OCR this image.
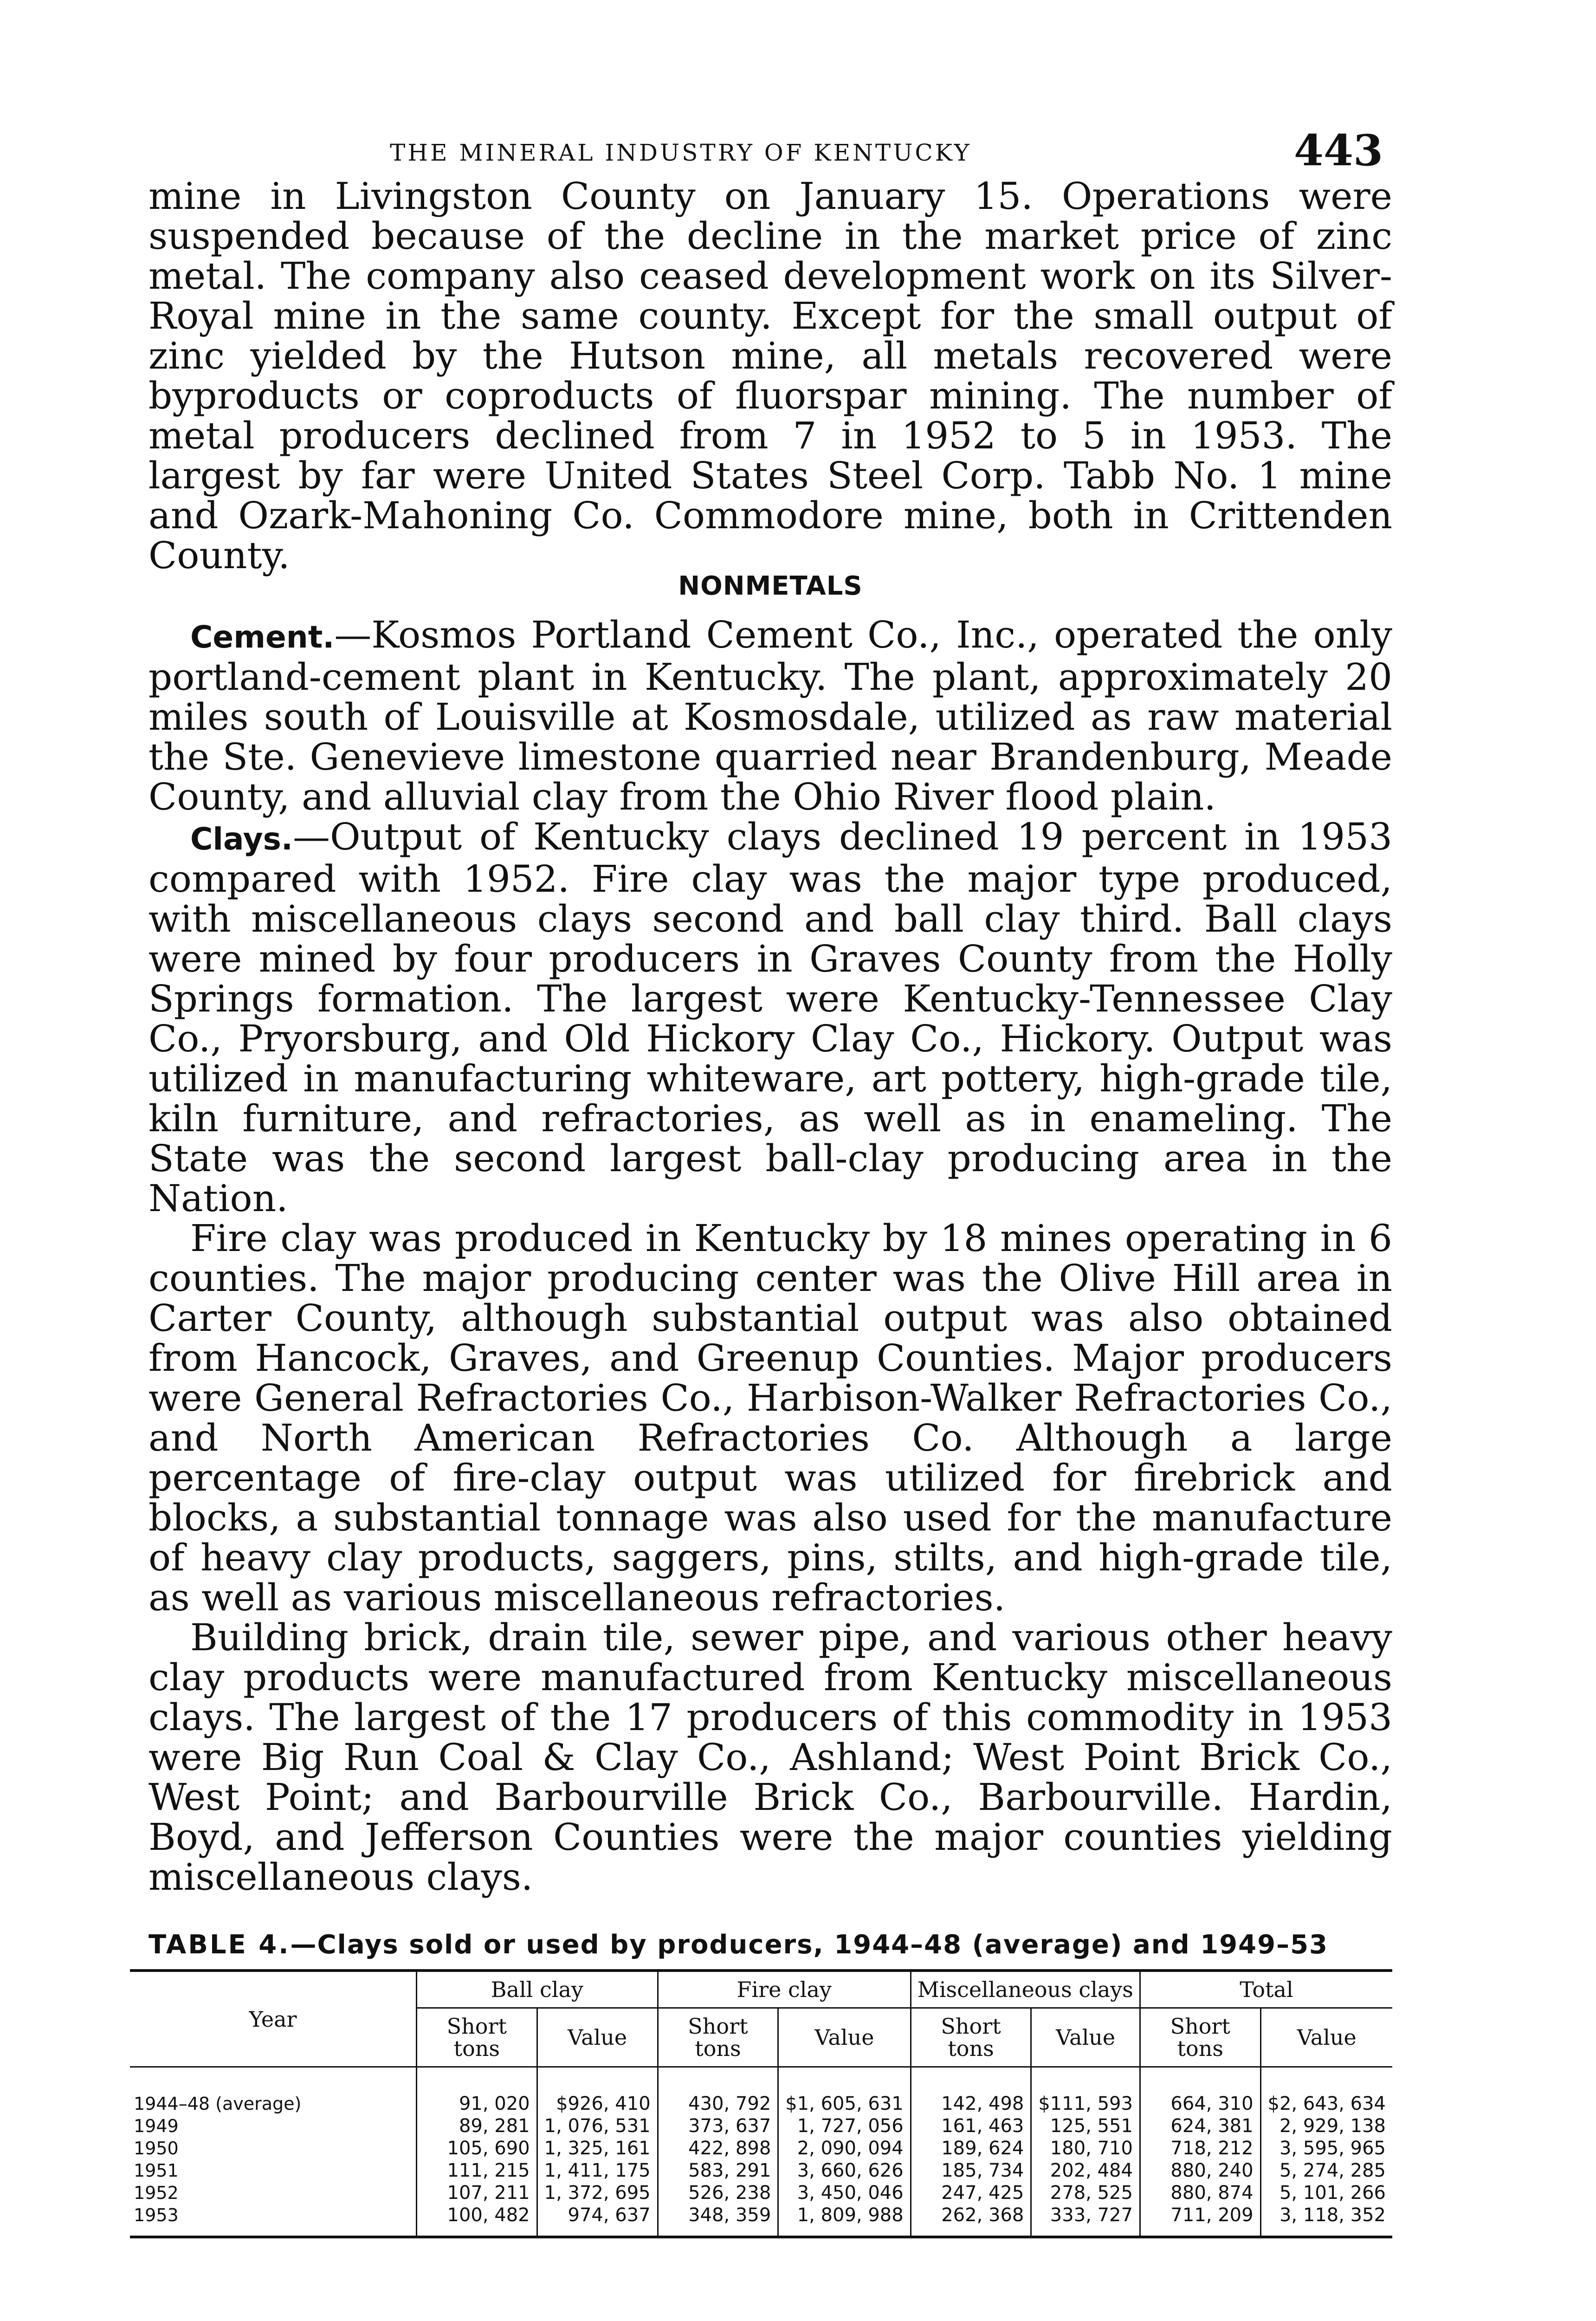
THE MINERAL INDUSTRY OF KENTUCKY	443

mine in Livingston County on January 15. Operations were suspended because of the decline in the market price of zinc metal. The company also ceased development work on its Silver-Royal mine in the same county. Except for the small output of zinc yielded by the Hutson mine, all metals recovered were byproducts or coproducts of fluorspar mining. The number of metal producers declined from 7 in 1952 to 5 in 1953. The largest by far were United States Steel Corp. Tabb No. 1 mine and Ozark-Mahoning Co. Commodore mine, both in Crittenden County.

NONMETALS

Cement.—Kosmos Portland Cement Co., Inc., operated the only portland-cement plant in Kentucky. The plant, approximately 20 miles south of Louisville at Kosmosdale, utilized as raw material the Ste. Genevieve limestone quarried near Brandenburg, Meade County, and alluvial clay from the Ohio River flood plain.

Clays.—Output of Kentucky clays declined 19 percent in 1953 compared with 1952. Fire clay was the major type produced, with miscellaneous clays second and ball clay third. Ball clays were mined by four producers in Graves County from the Holly Springs formation. The largest were Kentucky-Tennessee Clay Co., Pryorsburg, and Old Hickory Clay Co., Hickory. Output was utilized in manufacturing whiteware, art pottery, high-grade tile, kiln furniture, and refractories, as well as in enameling. The State was the second largest ball-clay producing area in the Nation.

Fire clay was produced in Kentucky by 18 mines operating in 6 counties. The major producing center was the Olive Hill area in Carter County, although substantial output was also obtained from Hancock, Graves, and Greenup Counties. Major producers were General Refractories Co., Harbison-Walker Refractories Co., and North American Refractories Co. Although a large percentage of fire-clay output was utilized for firebrick and blocks, a substantial tonnage was also used for the manufacture of heavy clay products, saggers, pins, stilts, and high-grade tile, as well as various miscellaneous refractories.

Building brick, drain tile, sewer pipe, and various other heavy clay products were manufactured from Kentucky miscellaneous clays. The largest of the 17 producers of this commodity in 1953 were Big Run Coal & Clay Co., Ashland; West Point Brick Co., West Point; and Barbourville Brick Co., Barbourville. Hardin, Boyd, and Jefferson Counties were the major counties yielding miscellaneous clays.

TABLE 4.—Clays sold or used by producers, 1944–48 (average) and 1949–53
Year	Ball clay		Fire clay		Miscellaneous clays		Total	
	Short tons	Value	Short tons	Value	Short tons	Value	Short tons	Value
1944–48 (average)	91, 020	$926, 410	430, 792	$1, 605, 631	142, 498	$111, 593	664, 310	$2, 643, 634
1949	89, 281	1, 076, 531	373, 637	1, 727, 056	161, 463	125, 551	624, 381	2, 929, 138
1950	105, 690	1, 325, 161	422, 898	2, 090, 094	189, 624	180, 710	718, 212	3, 595, 965
1951	111, 215	1, 411, 175	583, 291	3, 660, 626	185, 734	202, 484	880, 240	5, 274, 285
1952	107, 211	1, 372, 695	526, 238	3, 450, 046	247, 425	278, 525	880, 874	5, 101, 266
1953	100, 482	974, 637	348, 359	1, 809, 988	262, 368	333, 727	711, 209	3, 118, 352
